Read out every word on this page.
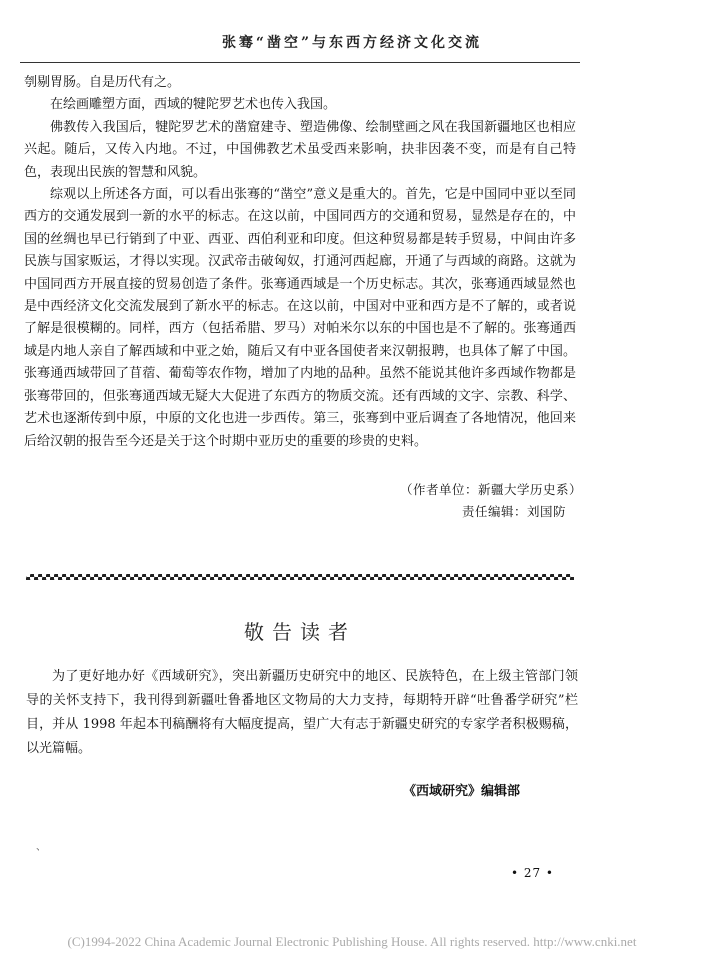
张骞“凿空”与东西方经济文化交流

刳剔胃肠。自是历代有之。

在绘画雕塑方面，西域的犍陀罗艺术也传入我国。

佛教传入我国后，犍陀罗艺术的凿窟建寺、塑造佛像、绘制壁画之风在我国新疆地区也相应兴起。随后，又传入内地。不过，中国佛教艺术虽受西来影响，抉非因袭不变，而是有自己特色，表现出民族的智慧和风貌。

综观以上所述各方面，可以看出张骞的“凿空”意义是重大的。首先，它是中国同中亚以至同西方的交通发展到一新的水平的标志。在这以前，中国同西方的交通和贸易，显然是存在的，中国的丝绸也早已行销到了中亚、西亚、西伯利亚和印度。但这种贸易都是转手贸易，中间由许多民族与国家贩运，才得以实现。汉武帝击破匈奴，打通河西起廊，开通了与西域的商路。这就为中国同西方开展直接的贸易创造了条件。张骞通西域是一个历史标志。其次，张骞通西域显然也是中西经济文化交流发展到了新水平的标志。在这以前，中国对中亚和西方是不了解的，或者说了解是很模糊的。同样，西方（包括希腊、罗马）对帕米尔以东的中国也是不了解的。张骞通西域是内地人亲自了解西域和中亚之始，随后又有中亚各国使者来汉朝报聘，也具体了解了中国。张骞通西域带回了苜蓿、葡萄等农作物，增加了内地的品种。虽然不能说其他许多西域作物都是张骞带回的，但张骞通西域无疑大大促进了东西方的物质交流。还有西域的文字、宗教、科学、艺术也逐渐传到中原，中原的文化也进一步西传。第三，张骞到中亚后调查了各地情况，他回来后给汉朝的报告至今还是关于这个时期中亚历史的重要的珍贵的史料。

（作者单位：新疆大学历史系）
责任编辑：刘国防
敬告读者
为了更好地办好《西域研究》，突出新疆历史研究中的地区、民族特色，在上级主管部门领导的关怀支持下，我刊得到新疆吐鲁番地区文物局的大力支持，每期特开辟“吐鲁番学研究”栏目，并从 1998 年起本刊稿酬将有大幅度提高，望广大有志于新疆史研究的专家学者积极赐稿，以光篇幅。
《西域研究》编辑部
、
• 27 •
(C)1994-2022 China Academic Journal Electronic Publishing House. All rights reserved. http://www.cnki.net
